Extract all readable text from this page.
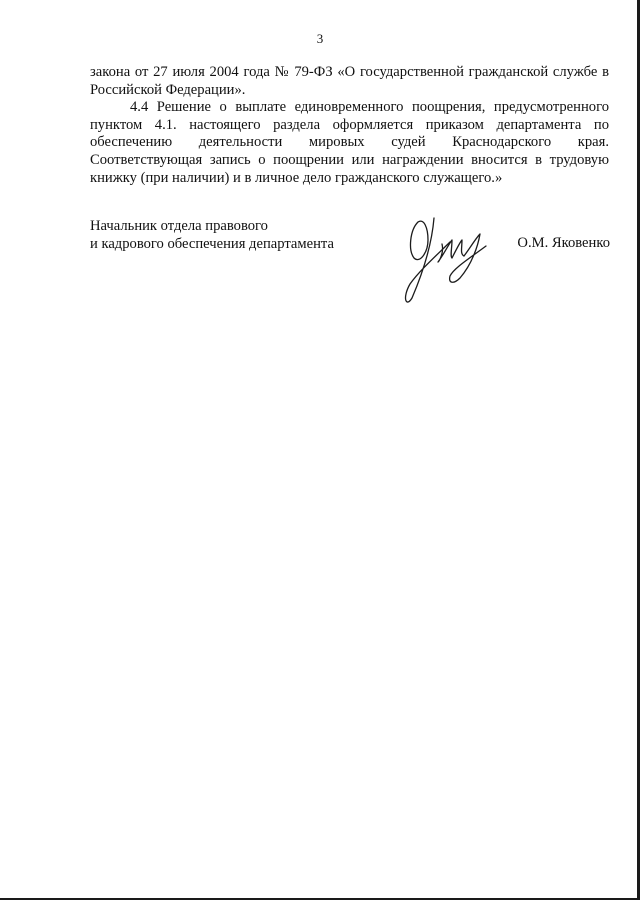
3

закона от 27 июля 2004 года № 79-ФЗ «О государственной гражданской службе в Российской Федерации».

4.4 Решение о выплате единовременного поощрения, предусмотренного пунктом 4.1. настоящего раздела оформляется приказом департамента по обеспечению деятельности мировых судей Краснодарского края. Соответствующая запись о поощрении или награждении вносится в трудовую книжку (при наличии) и в личное дело гражданского служащего.»

Начальник отдела правового
и кадрового обеспечения департамента	О.М. Яковенко
